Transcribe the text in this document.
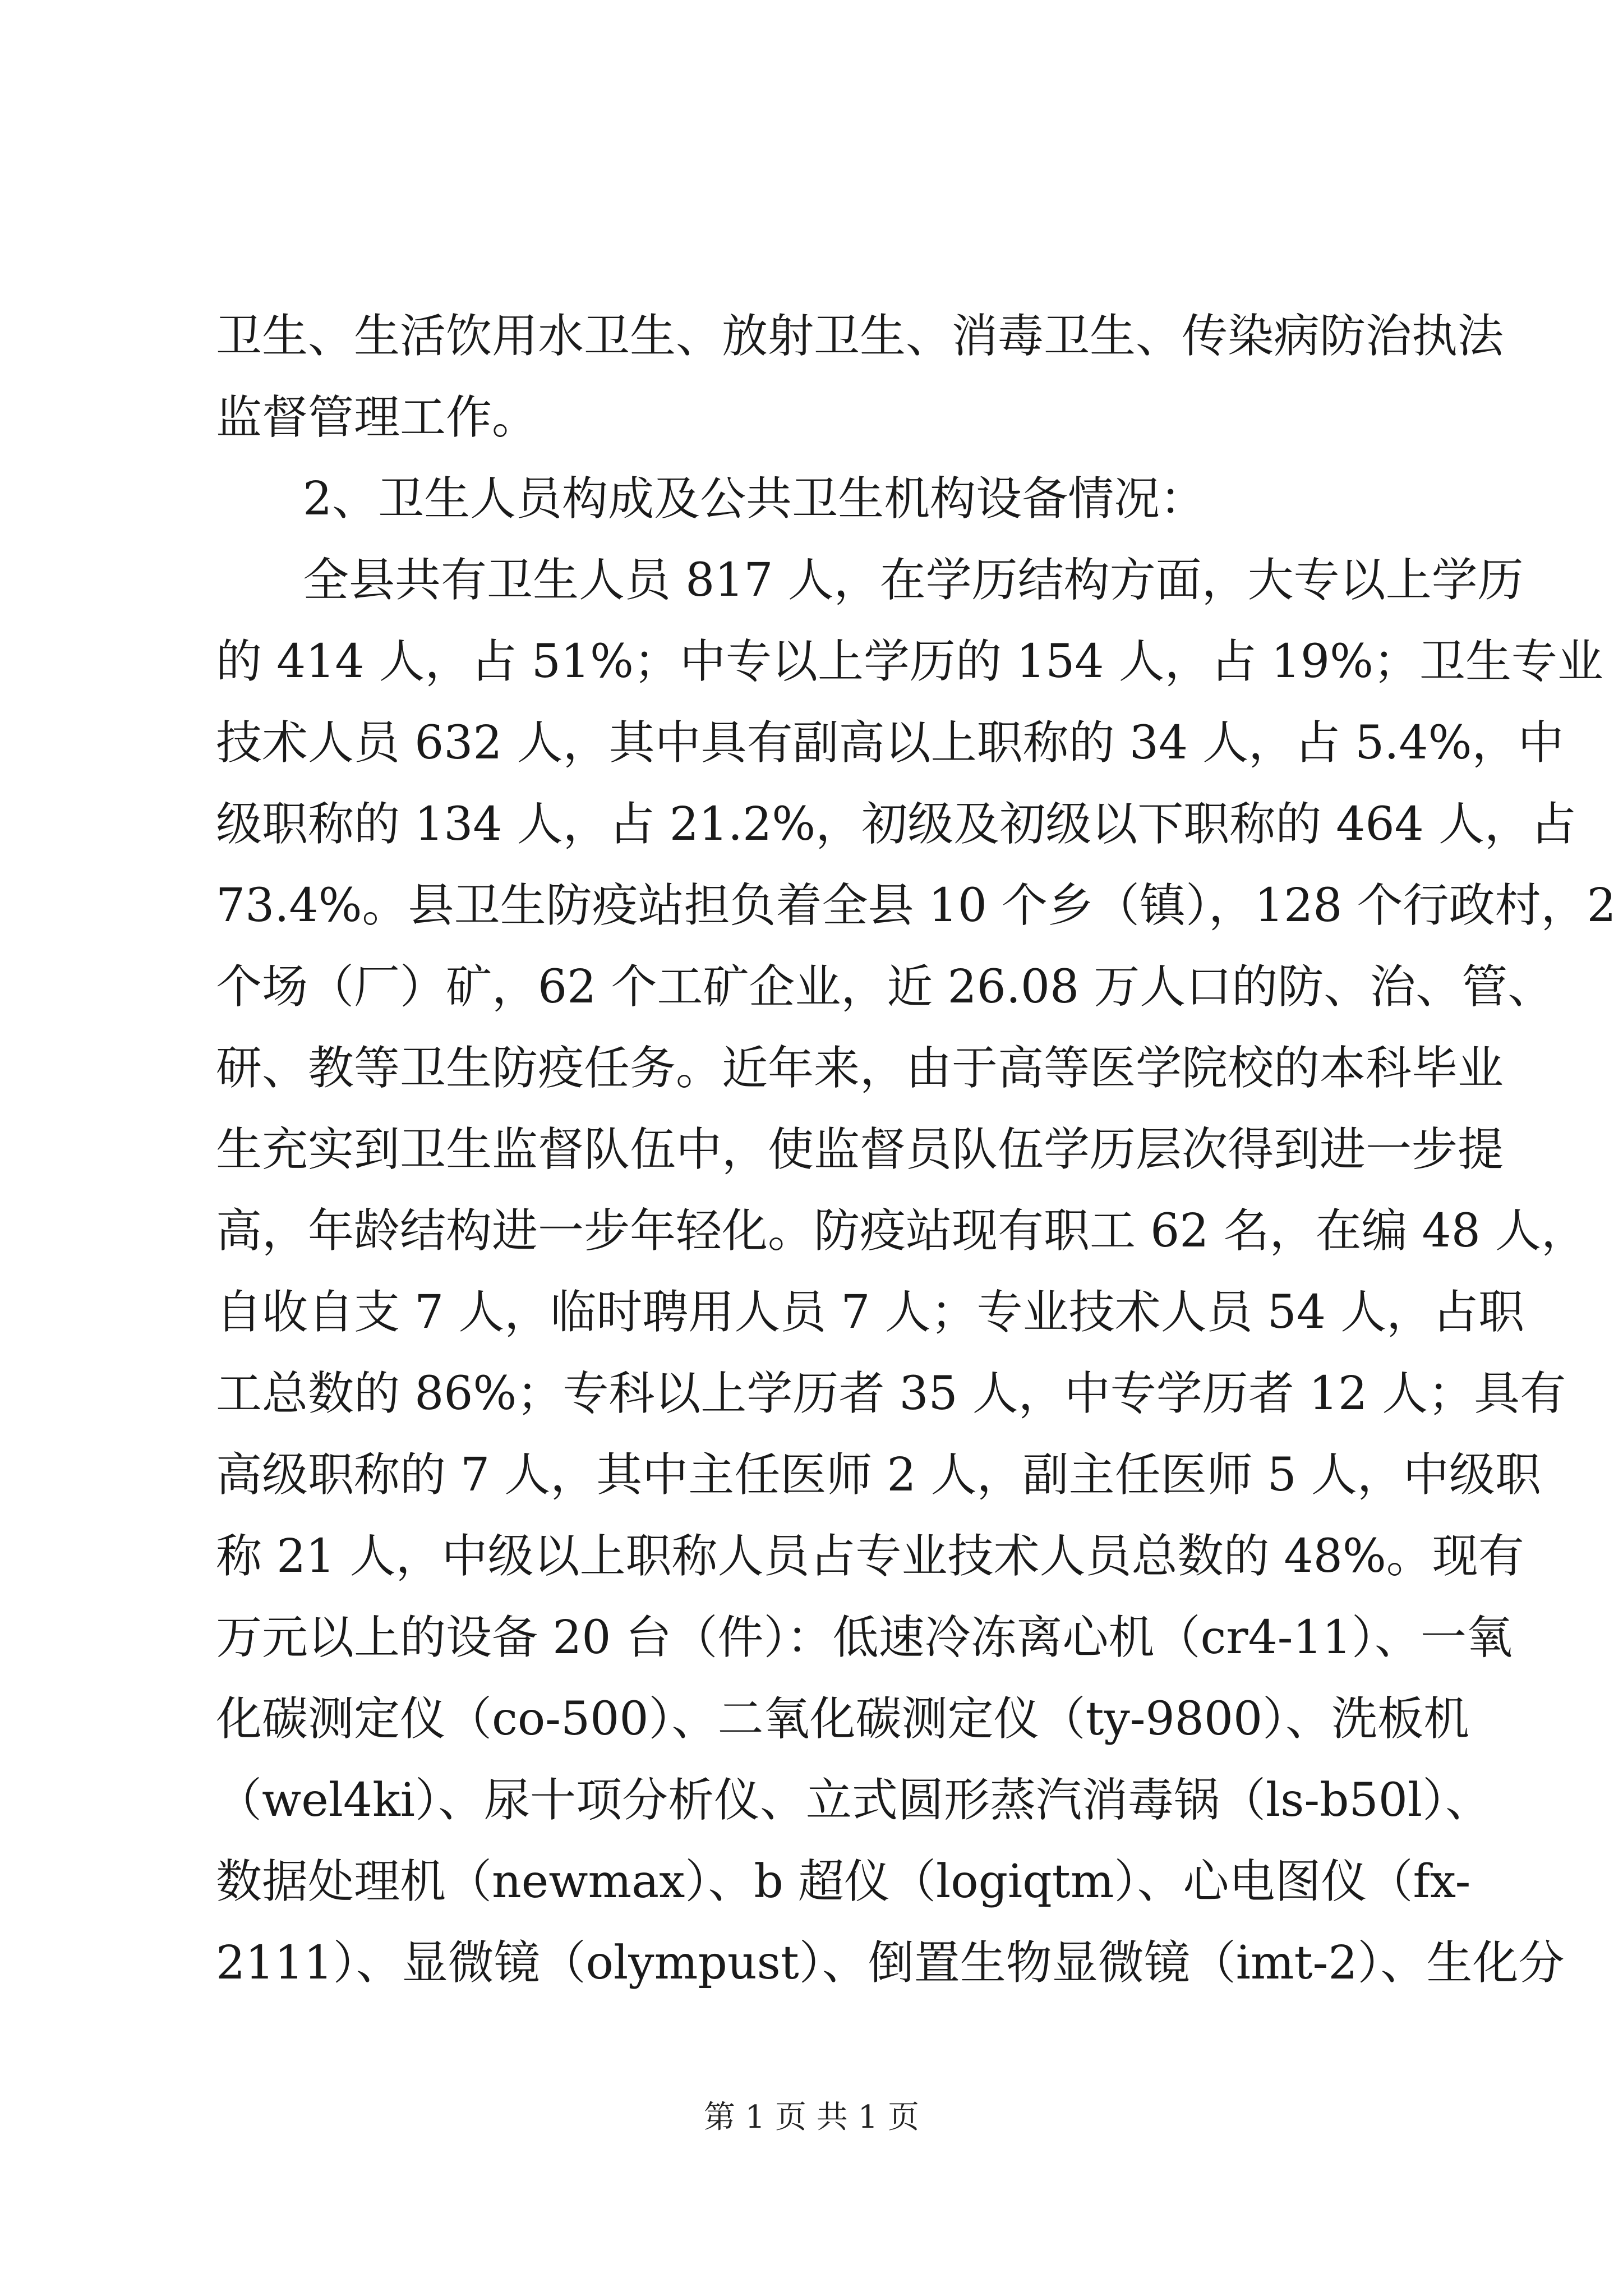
卫生、生活饮用水卫生、放射卫生、消毒卫生、传染病防治执法
监督管理工作。
2、卫生人员构成及公共卫生机构设备情况：
全县共有卫生人员 817 人，在学历结构方面，大专以上学历
的 414 人，占 51%；中专以上学历的 154 人，占 19%；卫生专业
技术人员 632 人，其中具有副高以上职称的 34 人，占 5.4%，中
级职称的 134 人，占 21.2%，初级及初级以下职称的 464 人，占
73.4%。县卫生防疫站担负着全县 10 个乡（镇），128 个行政村，2
个场（厂）矿，62 个工矿企业，近 26.08 万人口的防、治、管、
研、教等卫生防疫任务。近年来，由于高等医学院校的本科毕业
生充实到卫生监督队伍中，使监督员队伍学历层次得到进一步提
高，年龄结构进一步年轻化。防疫站现有职工 62 名，在编 48 人，
自收自支 7 人，临时聘用人员 7 人；专业技术人员 54 人，占职
工总数的 86%；专科以上学历者 35 人，中专学历者 12 人；具有
高级职称的 7 人，其中主任医师 2 人，副主任医师 5 人，中级职
称 21 人，中级以上职称人员占专业技术人员总数的 48%。现有
万元以上的设备 20 台（件）：低速冷冻离心机（cr4-11）、一氧
化碳测定仪（co-500）、二氧化碳测定仪（ty-9800）、洗板机
（wel4ki）、尿十项分析仪、立式圆形蒸汽消毒锅（ls-b50l）、
数据处理机（newmax）、b 超仪（logiqtm）、心电图仪（fx-
2111）、显微镜（olympust）、倒置生物显微镜（imt-2）、生化分
第 1 页 共 1 页
